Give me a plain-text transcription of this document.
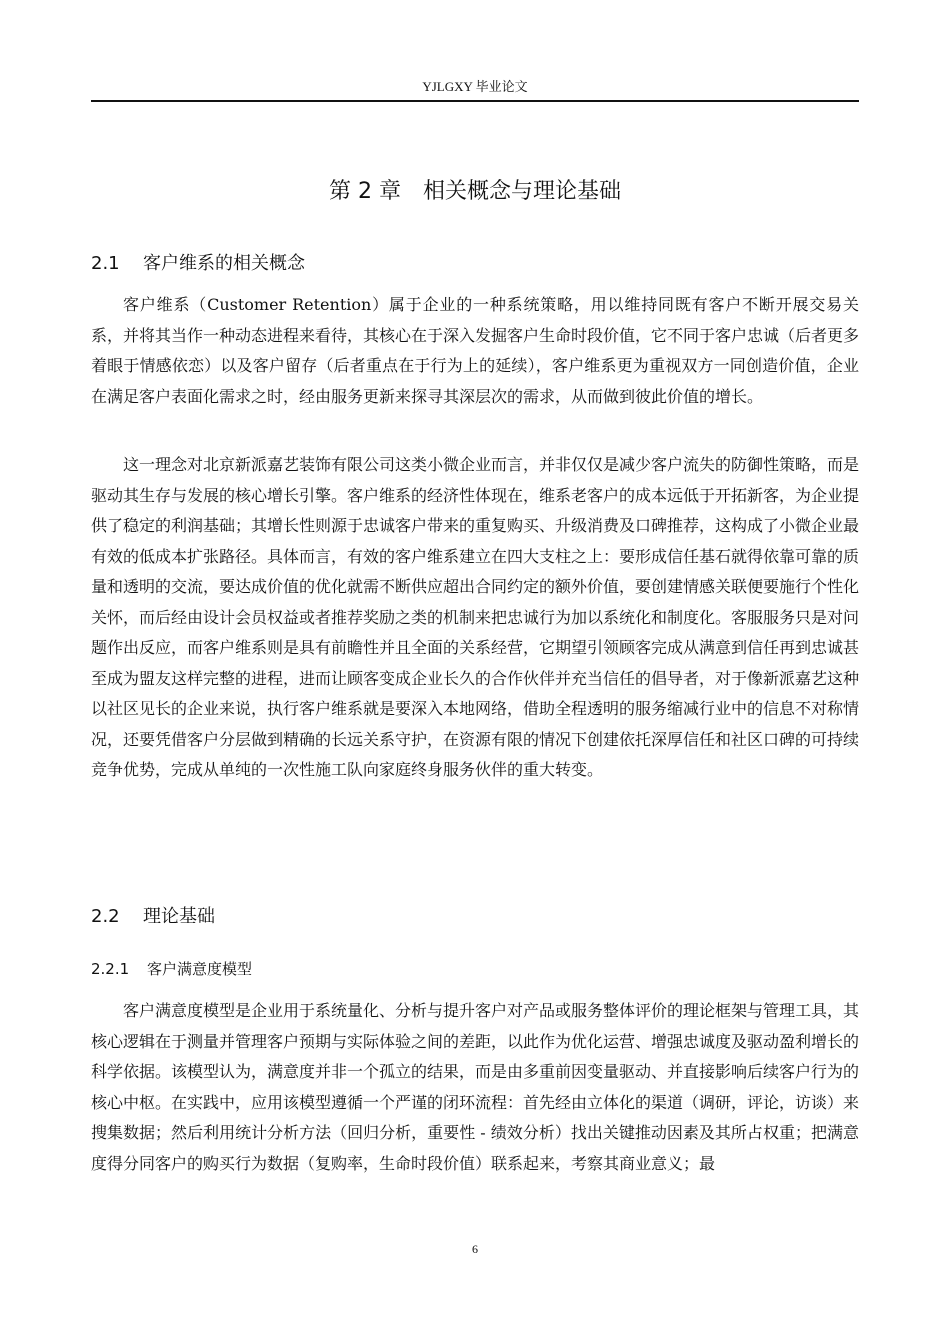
YJLGXY 毕业论文
第 2 章　相关概念与理论基础
2.1 客户维系的相关概念

客户维系（Customer Retention）属于企业的一种系统策略，用以维持同既有客户不断开展交易关系，并将其当作一种动态进程来看待，其核心在于深入发掘客户生命时段价值，它不同于客户忠诚（后者更多着眼于情感依恋）以及客户留存（后者重点在于行为上的延续），客户维系更为重视双方一同创造价值，企业在满足客户表面化需求之时，经由服务更新来探寻其深层次的需求，从而做到彼此价值的增长。

这一理念对北京新派嘉艺装饰有限公司这类小微企业而言，并非仅仅是减少客户流失的防御性策略，而是驱动其生存与发展的核心增长引擎。客户维系的经济性体现在，维系老客户的成本远低于开拓新客，为企业提供了稳定的利润基础；其增长性则源于忠诚客户带来的重复购买、升级消费及口碑推荐，这构成了小微企业最有效的低成本扩张路径。具体而言，有效的客户维系建立在四大支柱之上：要形成信任基石就得依靠可靠的质量和透明的交流，要达成价值的优化就需不断供应超出合同约定的额外价值，要创建情感关联便要施行个性化关怀，而后经由设计会员权益或者推荐奖励之类的机制来把忠诚行为加以系统化和制度化。客服服务只是对问题作出反应，而客户维系则是具有前瞻性并且全面的关系经营，它期望引领顾客完成从满意到信任再到忠诚甚至成为盟友这样完整的进程，进而让顾客变成企业长久的合作伙伴并充当信任的倡导者，对于像新派嘉艺这种以社区见长的企业来说，执行客户维系就是要深入本地网络，借助全程透明的服务缩减行业中的信息不对称情况，还要凭借客户分层做到精确的长远关系守护，在资源有限的情况下创建依托深厚信任和社区口碑的可持续竞争优势，完成从单纯的一次性施工队向家庭终身服务伙伴的重大转变。

2.2 理论基础
2.2.1 客户满意度模型

客户满意度模型是企业用于系统量化、分析与提升客户对产品或服务整体评价的理论框架与管理工具，其核心逻辑在于测量并管理客户预期与实际体验之间的差距，以此作为优化运营、增强忠诚度及驱动盈利增长的科学依据。该模型认为，满意度并非一个孤立的结果，而是由多重前因变量驱动、并直接影响后续客户行为的核心中枢。在实践中，应用该模型遵循一个严谨的闭环流程：首先经由立体化的渠道（调研，评论，访谈）来搜集数据；然后利用统计分析方法（回归分析，重要性 - 绩效分析）找出关键推动因素及其所占权重；把满意度得分同客户的购买行为数据（复购率，生命时段价值）联系起来，考察其商业意义；最

6
